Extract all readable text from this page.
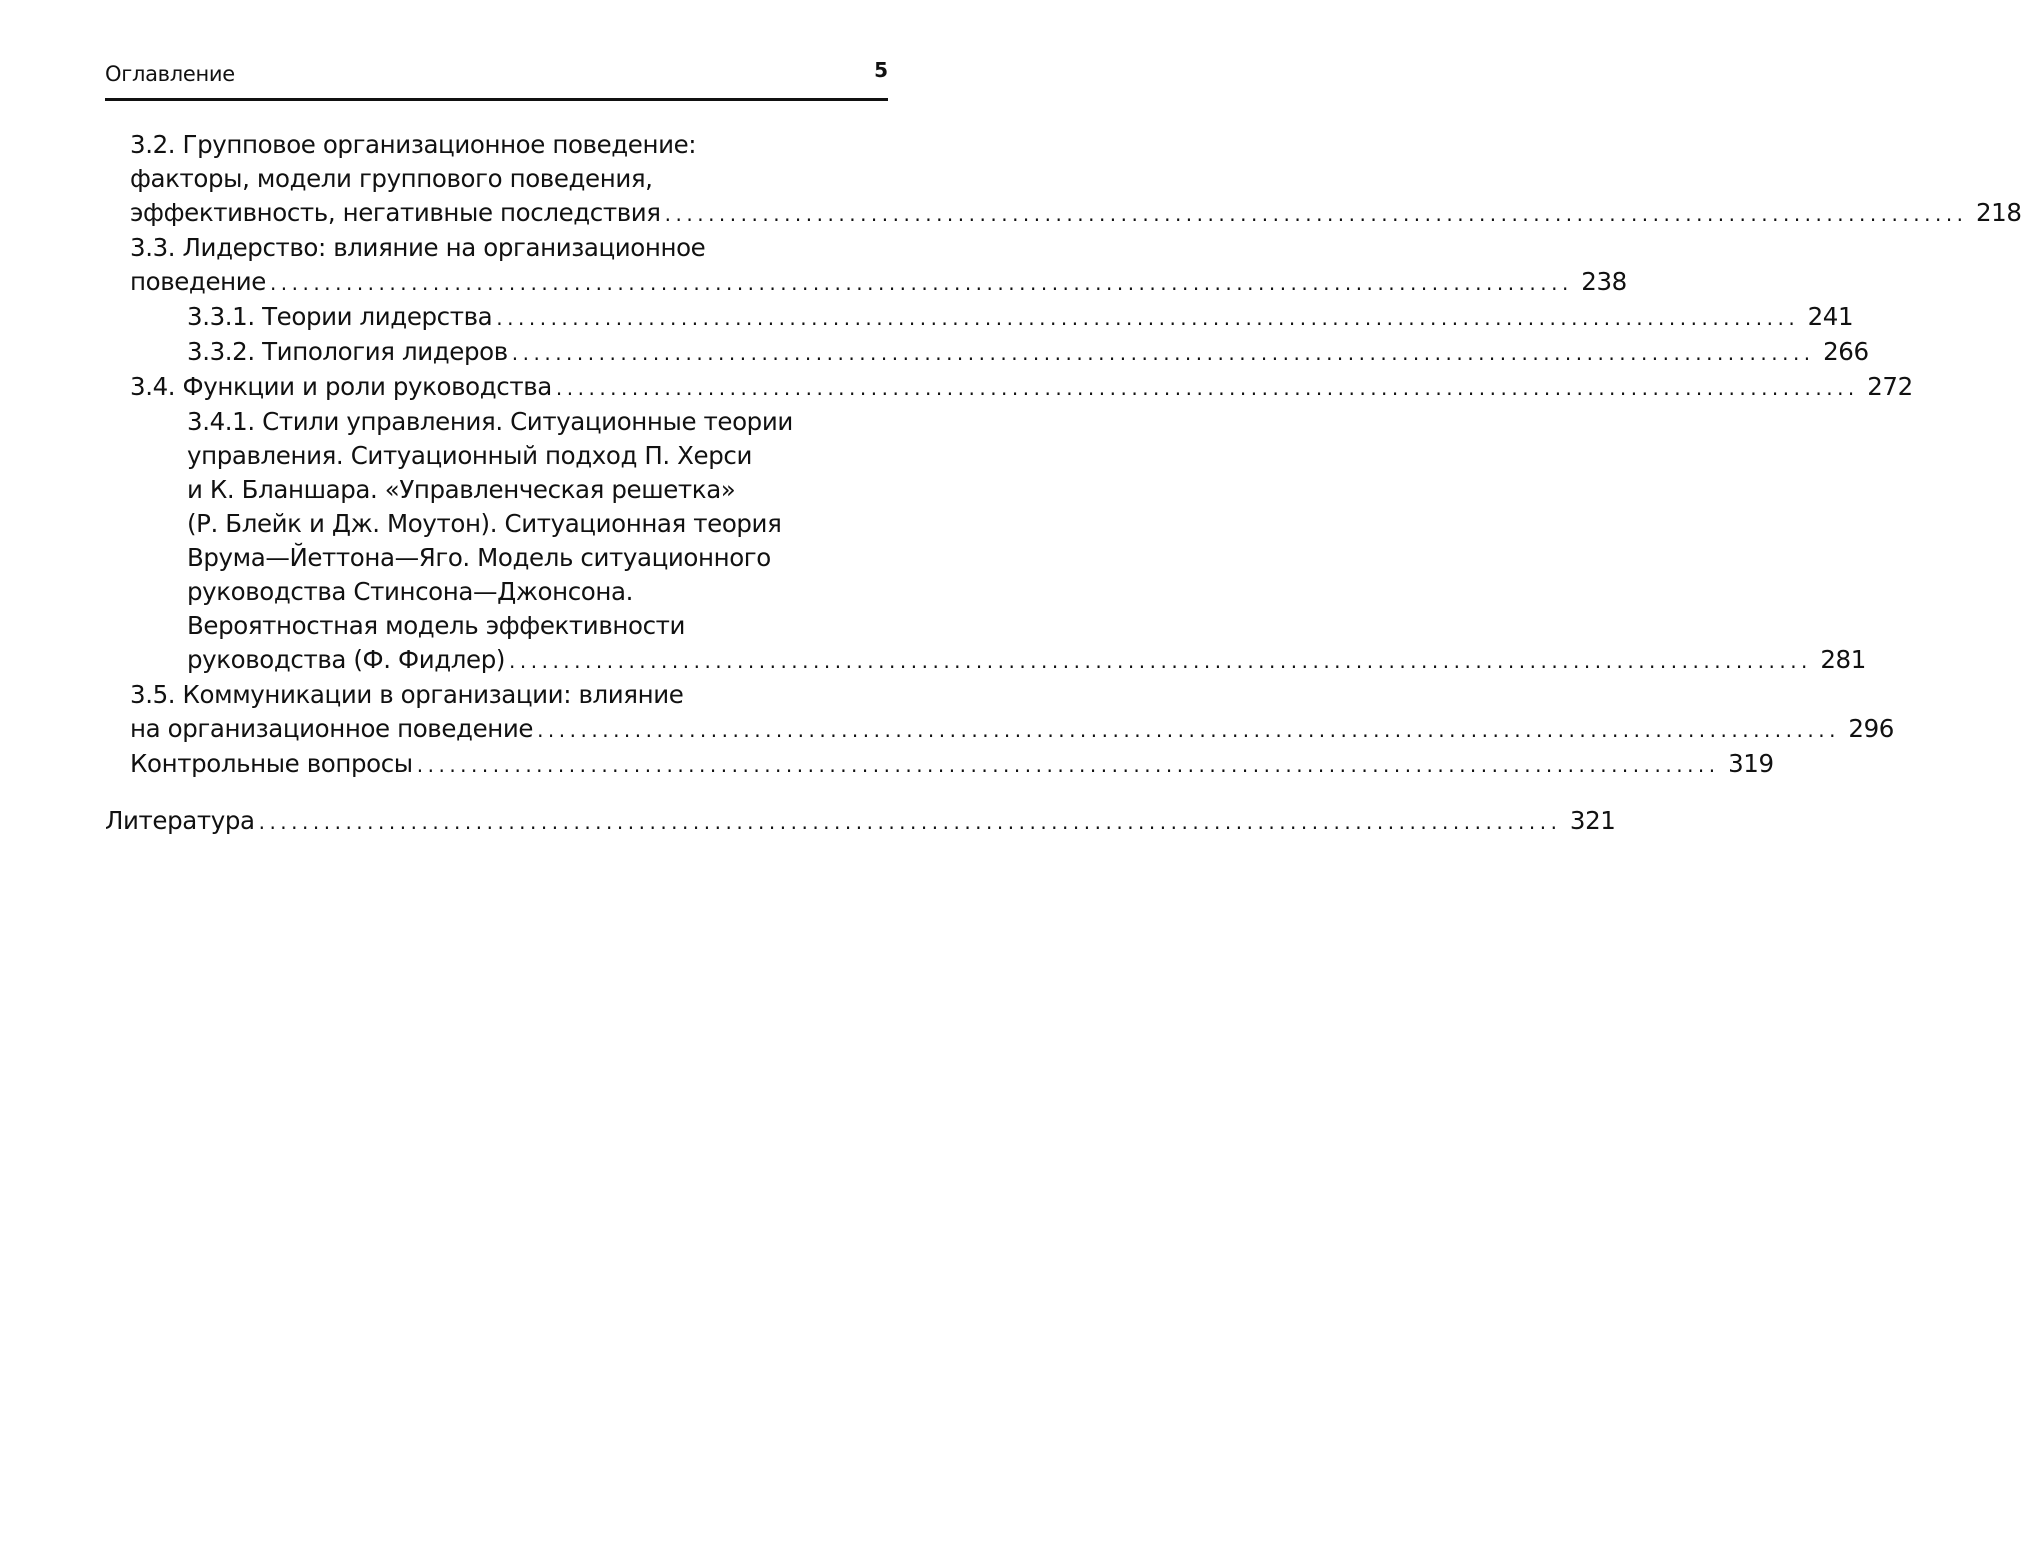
Оглавление	5
3.2. Групповое организационное поведение:
факторы, модели группового поведения,
эффективность, негативные последствия ........................................................................................................................ 218
3.3. Лидерство: влияние на организационное
поведение ........................................................................................................................ 238
3.3.1. Теории лидерства ........................................................................................................................ 241
3.3.2. Типология лидеров ........................................................................................................................ 266
3.4. Функции и роли руководства ........................................................................................................................ 272
3.4.1. Стили управления. Ситуационные теории
управления. Ситуационный подход П. Херси
и К. Бланшара. «Управленческая решетка»
(Р. Блейк и Дж. Моутон). Ситуационная теория
Врума—Йеттона—Яго. Модель ситуационного
руководства Стинсона—Джонсона.
Вероятностная модель эффективности
руководства (Ф. Фидлер) ........................................................................................................................ 281
3.5. Коммуникации в организации: влияние
на организационное поведение ........................................................................................................................ 296
Контрольные вопросы ........................................................................................................................ 319
Литература ........................................................................................................................ 321
